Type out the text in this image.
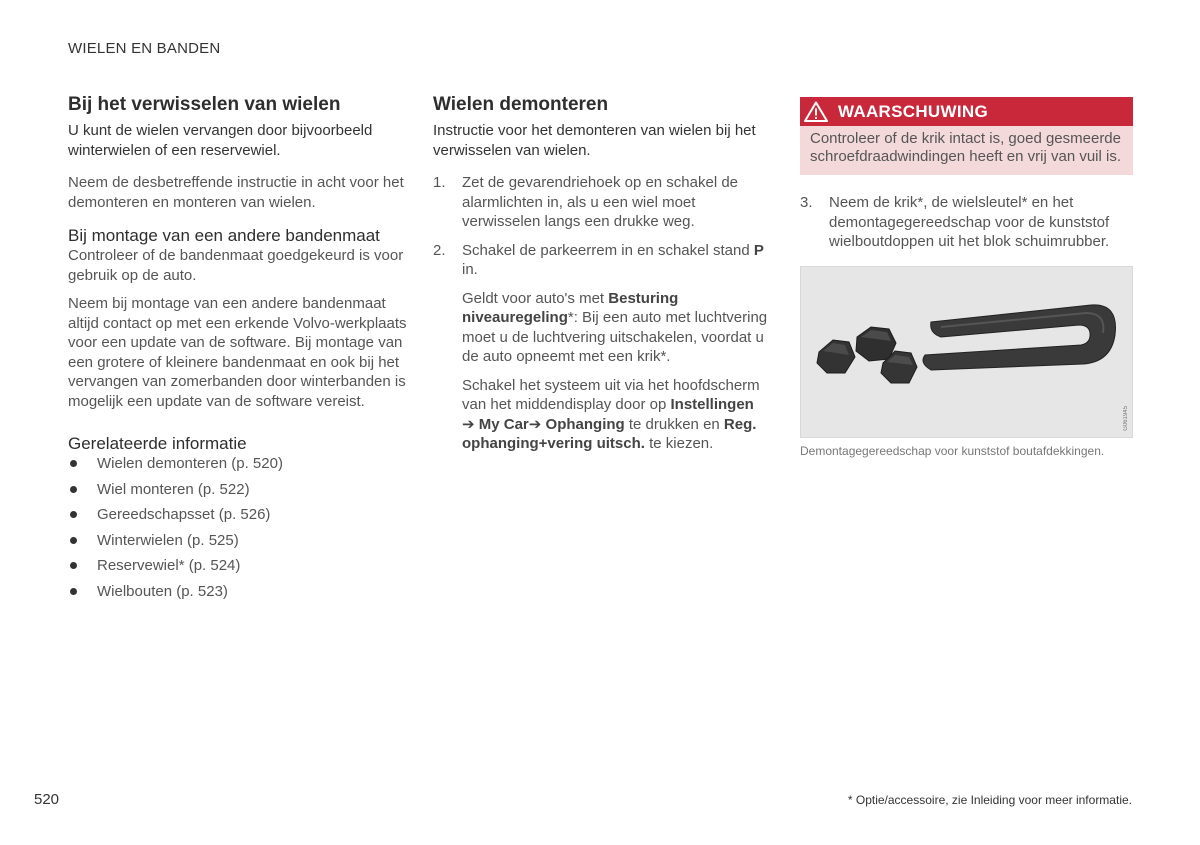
WIELEN EN BANDEN
Bij het verwisselen van wielen

U kunt de wielen vervangen door bijvoorbeeld winterwielen of een reservewiel.

Neem de desbetreffende instructie in acht voor het demonteren en monteren van wielen.

Bij montage van een andere bandenmaat

Controleer of de bandenmaat goedgekeurd is voor gebruik op de auto.

Neem bij montage van een andere bandenmaat altijd contact op met een erkende Volvo-werkplaats voor een update van de software. Bij montage van een grotere of kleinere bandenmaat en ook bij het vervangen van zomerbanden door winterbanden is mogelijk een update van de software vereist.

Gerelateerde informatie
Wielen demonteren (p. 520)
Wiel monteren (p. 522)
Gereedschapsset (p. 526)
Winterwielen (p. 525)
Reservewiel* (p. 524)
Wielbouten (p. 523)
Wielen demonteren

Instructie voor het demonteren van wielen bij het verwisselen van wielen.

1. Zet de gevarendriehoek op en schakel de alarmlichten in, als u een wiel moet verwisselen langs een drukke weg.

2. Schakel de parkeerrem in en schakel stand P in.

Geldt voor auto's met Besturing niveauregeling*: Bij een auto met luchtvering moet u de luchtvering uitschakelen, voordat u de auto opneemt met een krik*.

Schakel het systeem uit via het hoofdscherm van het middendisplay door op Instellingen
➔ My Car➔ Ophanging te drukken en Reg. ophanging+vering uitsch. te kiezen.

WAARSCHUWING
Controleer of de krik intact is, goed gesmeerde schroefdraadwindingen heeft en vrij van vuil is.
3. Neem de krik*, de wielsleutel* en het demontagegereedschap voor de kunststof wielboutdoppen uit het blok schuimrubber.

G061945

Demontagegereedschap voor kunststof boutafdekkingen.

520	* Optie/accessoire, zie Inleiding voor meer informatie.
